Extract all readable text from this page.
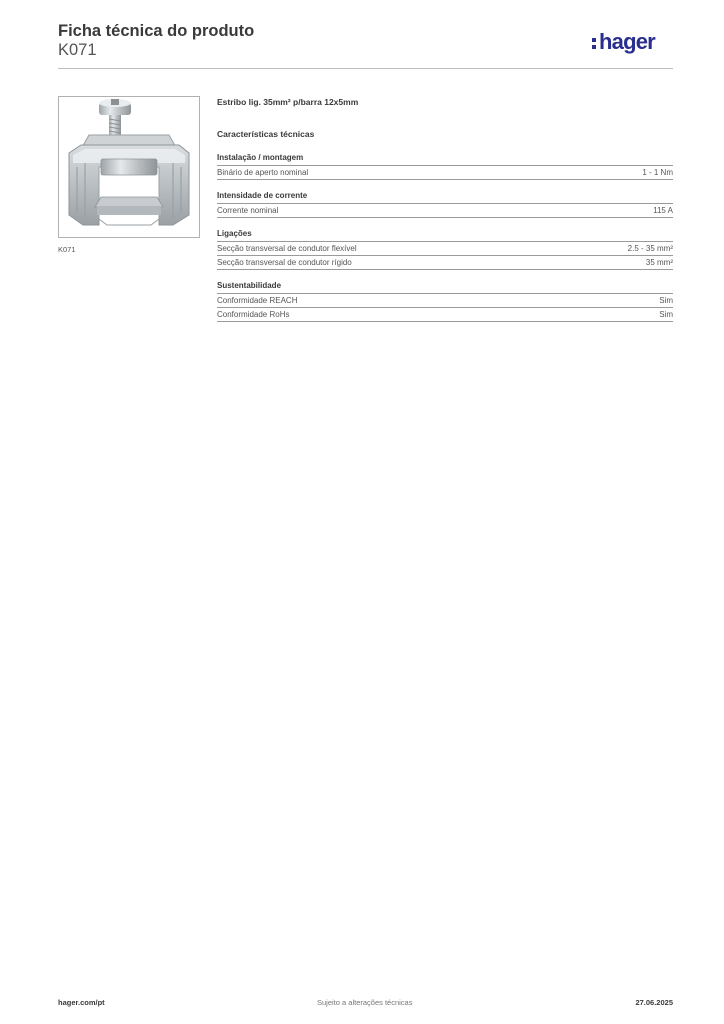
Ficha técnica do produto
K071	hager
K071
Estribo lig. 35mm² p/barra 12x5mm
Características técnicas
Instalação / montagem
Binário de aperto nominal	1 - 1 Nm
Intensidade de corrente
Corrente nominal	115 A
Ligações
Secção transversal de condutor flexível	2.5 - 35 mm²
Secção transversal de condutor rígido	35 mm²
Sustentabilidade
Conformidade REACH	Sim
Conformidade RoHs	Sim
hager.com/pt	Sujeito a alterações técnicas	27.06.2025
